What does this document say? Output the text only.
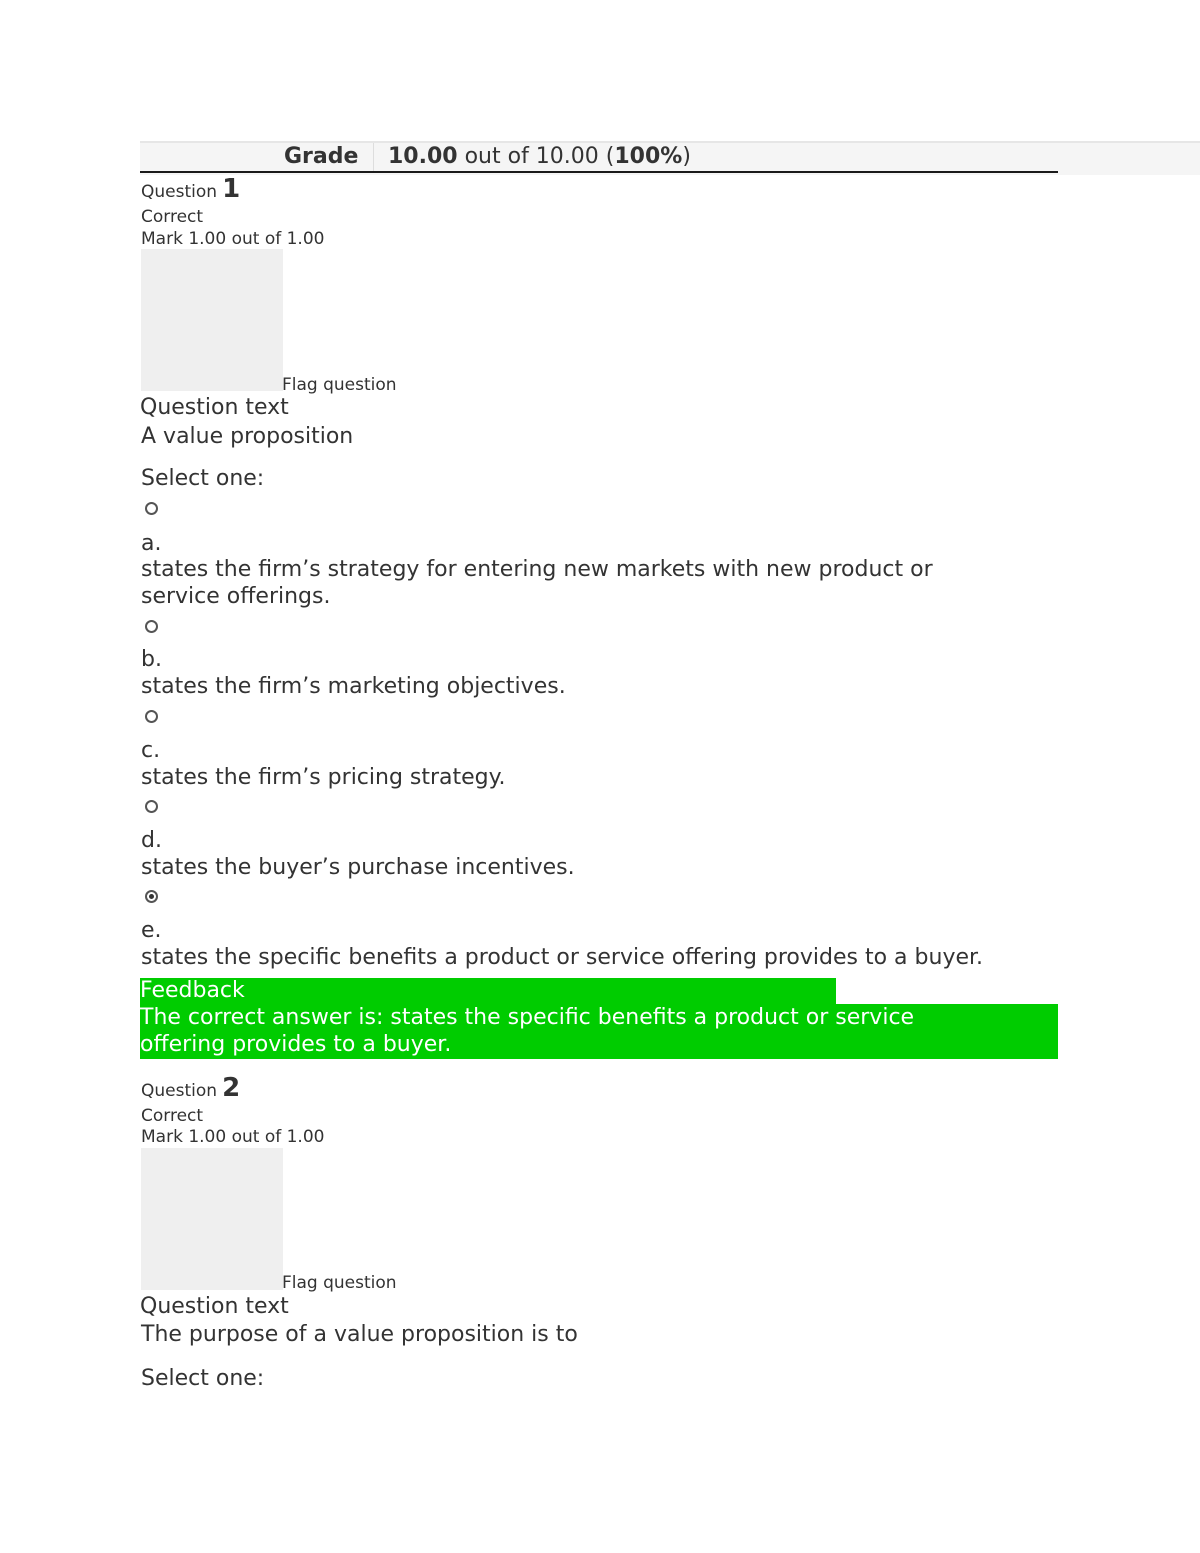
Grade 10.00 out of 10.00 (100%)
Question 1
Correct
Mark 1.00 out of 1.00
Flag question
Question text
A value proposition
Select one:
a.
states the firm’s strategy for entering new markets with new product or
service offerings.
b.
states the firm’s marketing objectives.
c.
states the firm’s pricing strategy.
d.
states the buyer’s purchase incentives.
e.
states the specific benefits a product or service offering provides to a buyer.
Feedback
The correct answer is: states the specific benefits a product or service
offering provides to a buyer.
Question 2
Correct
Mark 1.00 out of 1.00
Flag question
Question text
The purpose of a value proposition is to
Select one:
